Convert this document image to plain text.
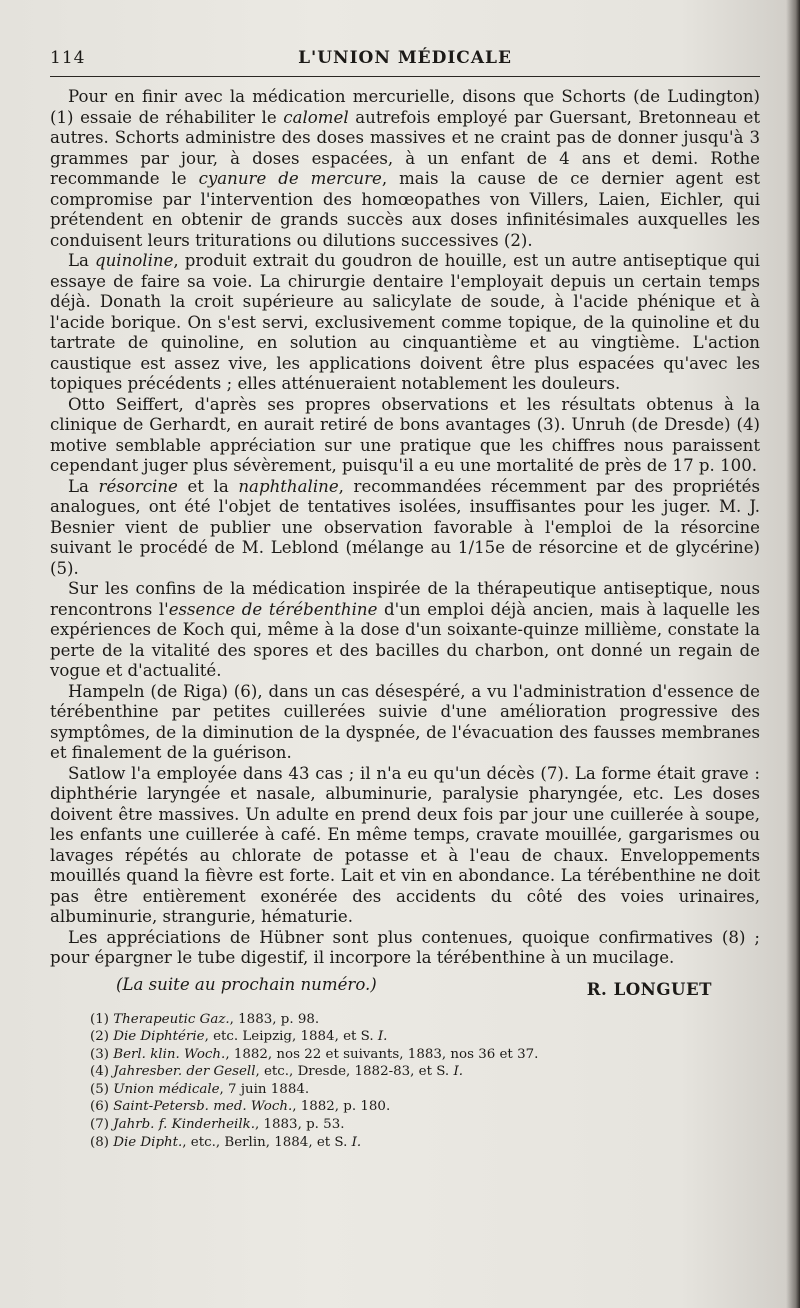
114	L'UNION MÉDICALE

Pour en finir avec la médication mercurielle, disons que Schorts (de Ludington) (1) essaie de réhabiliter le calomel autrefois employé par Guersant, Bretonneau et autres. Schorts administre des doses massives et ne craint pas de donner jusqu'à 3 grammes par jour, à doses espacées, à un enfant de 4 ans et demi. Rothe recommande le cyanure de mercure, mais la cause de ce dernier agent est compromise par l'intervention des homœopathes von Villers, Laien, Eichler, qui prétendent en obtenir de grands succès aux doses infinitésimales auxquelles les conduisent leurs triturations ou dilutions successives (2).

La quinoline, produit extrait du goudron de houille, est un autre antiseptique qui essaye de faire sa voie. La chirurgie dentaire l'employait depuis un certain temps déjà. Donath la croit supérieure au salicylate de soude, à l'acide phénique et à l'acide borique. On s'est servi, exclusivement comme topique, de la quinoline et du tartrate de quinoline, en solution au cinquantième et au vingtième. L'action caustique est assez vive, les applications doivent être plus espacées qu'avec les topiques précédents ; elles atténueraient notablement les douleurs.

Otto Seiffert, d'après ses propres observations et les résultats obtenus à la clinique de Gerhardt, en aurait retiré de bons avantages (3). Unruh (de Dresde) (4) motive semblable appréciation sur une pratique que les chiffres nous paraissent cependant juger plus sévèrement, puisqu'il a eu une mortalité de près de 17 p. 100.

La résorcine et la naphthaline, recommandées récemment par des propriétés analogues, ont été l'objet de tentatives isolées, insuffisantes pour les juger. M. J. Besnier vient de publier une observation favorable à l'emploi de la résorcine suivant le procédé de M. Leblond (mélange au 1/15e de résorcine et de glycérine) (5).

Sur les confins de la médication inspirée de la thérapeutique antiseptique, nous rencontrons l'essence de térébenthine d'un emploi déjà ancien, mais à laquelle les expériences de Koch qui, même à la dose d'un soixante-quinze millième, constate la perte de la vitalité des spores et des bacilles du charbon, ont donné un regain de vogue et d'actualité.

Hampeln (de Riga) (6), dans un cas désespéré, a vu l'administration d'essence de térébenthine par petites cuillerées suivie d'une amélioration progressive des symptômes, de la diminution de la dyspnée, de l'évacuation des fausses membranes et finalement de la guérison.

Satlow l'a employée dans 43 cas ; il n'a eu qu'un décès (7). La forme était grave : diphthérie laryngée et nasale, albuminurie, paralysie pharyngée, etc. Les doses doivent être massives. Un adulte en prend deux fois par jour une cuillerée à soupe, les enfants une cuillerée à café. En même temps, cravate mouillée, gargarismes ou lavages répétés au chlorate de potasse et à l'eau de chaux. Enveloppements mouillés quand la fièvre est forte. Lait et vin en abondance. La térébenthine ne doit pas être entièrement exonérée des accidents du côté des voies urinaires, albuminurie, strangurie, hématurie.

Les appréciations de Hübner sont plus contenues, quoique confirmatives (8) ; pour épargner le tube digestif, il incorpore la térébenthine à un mucilage.

(La suite au prochain numéro.)	R. LONGUET
(1) Therapeutic Gaz., 1883, p. 98.
(2) Die Diphtérie, etc. Leipzig, 1884, et S. I.
(3) Berl. klin. Woch., 1882, nos 22 et suivants, 1883, nos 36 et 37.
(4) Jahresber. der Gesell, etc., Dresde, 1882-83, et S. I.
(5) Union médicale, 7 juin 1884.
(6) Saint-Petersb. med. Woch., 1882, p. 180.
(7) Jahrb. f. Kinderheilk., 1883, p. 53.
(8) Die Dipht., etc., Berlin, 1884, et S. I.
